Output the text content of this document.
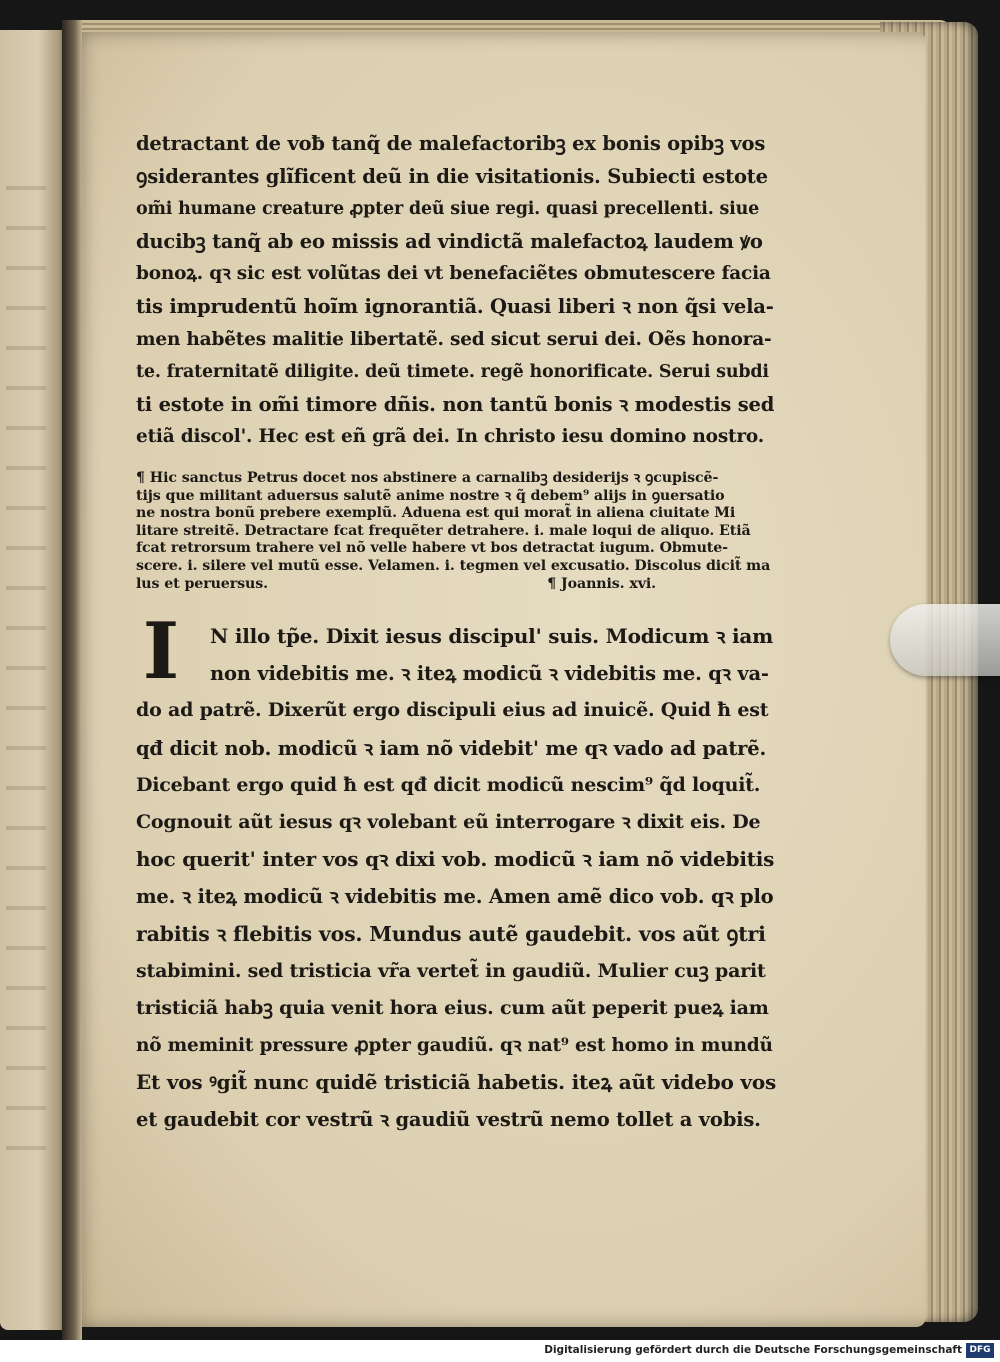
detractant de voƀ tanq̃ de malefactoribꝫ ex bonis opibꝫ vos
ꝯsiderantes glĩficent deũ in die visitationis. Subiecti estote
om̃i humane creature ꝓpter deũ siue regi. quasi precellenti. siue
ducibꝫ tanq̃ ab eo missis ad vindictã malefactoꝝ laudem ꝟo
bonoꝝ. qꝛ sic est volũtas dei vt benefaciẽtes obmutescere facia
tis imprudentũ hoĩm ignorantiã. Quasi liberi ꝛ non q̃si vela-
men habẽtes malitie libertatẽ. sed sicut serui dei. Oẽs honora-
te. fraternitatẽ diligite. deũ timete. regẽ honorificate. Serui subdi
ti estote in om̃i timore dñis. non tantũ bonis ꝛ modestis sed
etiã discol'. Hec est eñ grã dei. In christo iesu domino nostro.
¶ Hic sanctus Petrus docet nos abstinere a carnalibꝫ desiderijs ꝛ ꝯcupiscẽ-
tijs que militant aduersus salutẽ anime nostre ꝛ q̃ debem⁹ alijs in ꝯuersatio
ne nostra bonũ prebere exemplũ. Aduena est qui morat̃ in aliena ciuitate Mi
litare streitẽ. Detractare fcat frequẽter detrahere. i. male loqui de aliquo. Etiã
fcat retrorsum trahere vel nõ velle habere vt bos detractat iugum. Obmute-
scere. i. silere vel mutũ esse. Velamen. i. tegmen vel excusatio. Discolus dicit̃ ma
lus et peruersus.	¶ Joannis. xvi.
I	N illo tp̃e. Dixit iesus discipul' suis. Modicum ꝛ iam
non videbitis me. ꝛ iteꝝ modicũ ꝛ videbitis me. qꝛ va-
do ad patrẽ. Dixerũt ergo discipuli eius ad inuicẽ. Quid ħ est
qđ dicit nob. modicũ ꝛ iam nõ videbit' me qꝛ vado ad patrẽ.
Dicebant ergo quid ħ est qđ dicit modicũ nescim⁹ q̃d loquit̃.
Cognouit aũt iesus qꝛ volebant eũ interrogare ꝛ dixit eis. De
hoc querit' inter vos qꝛ dixi vob. modicũ ꝛ iam nõ videbitis
me. ꝛ iteꝝ modicũ ꝛ videbitis me. Amen amẽ dico vob. qꝛ plo
rabitis ꝛ flebitis vos. Mundus autẽ gaudebit. vos aũt ꝯtri
stabimini. sed tristicia vr̃a vertet̃ in gaudiũ. Mulier cuꝫ parit
tristiciã habꝫ quia venit hora eius. cum aũt peperit pueꝝ iam
nõ meminit pressure ꝓpter gaudiũ. qꝛ nat⁹ est homo in mundũ
Et vos ꝰgit̃ nunc quidẽ tristiciã habetis. iteꝝ aũt videbo vos
et gaudebit cor vestrũ ꝛ gaudiũ vestrũ nemo tollet a vobis.
Digitalisierung gefördert durch die Deutsche Forschungsgemeinschaft DFG
